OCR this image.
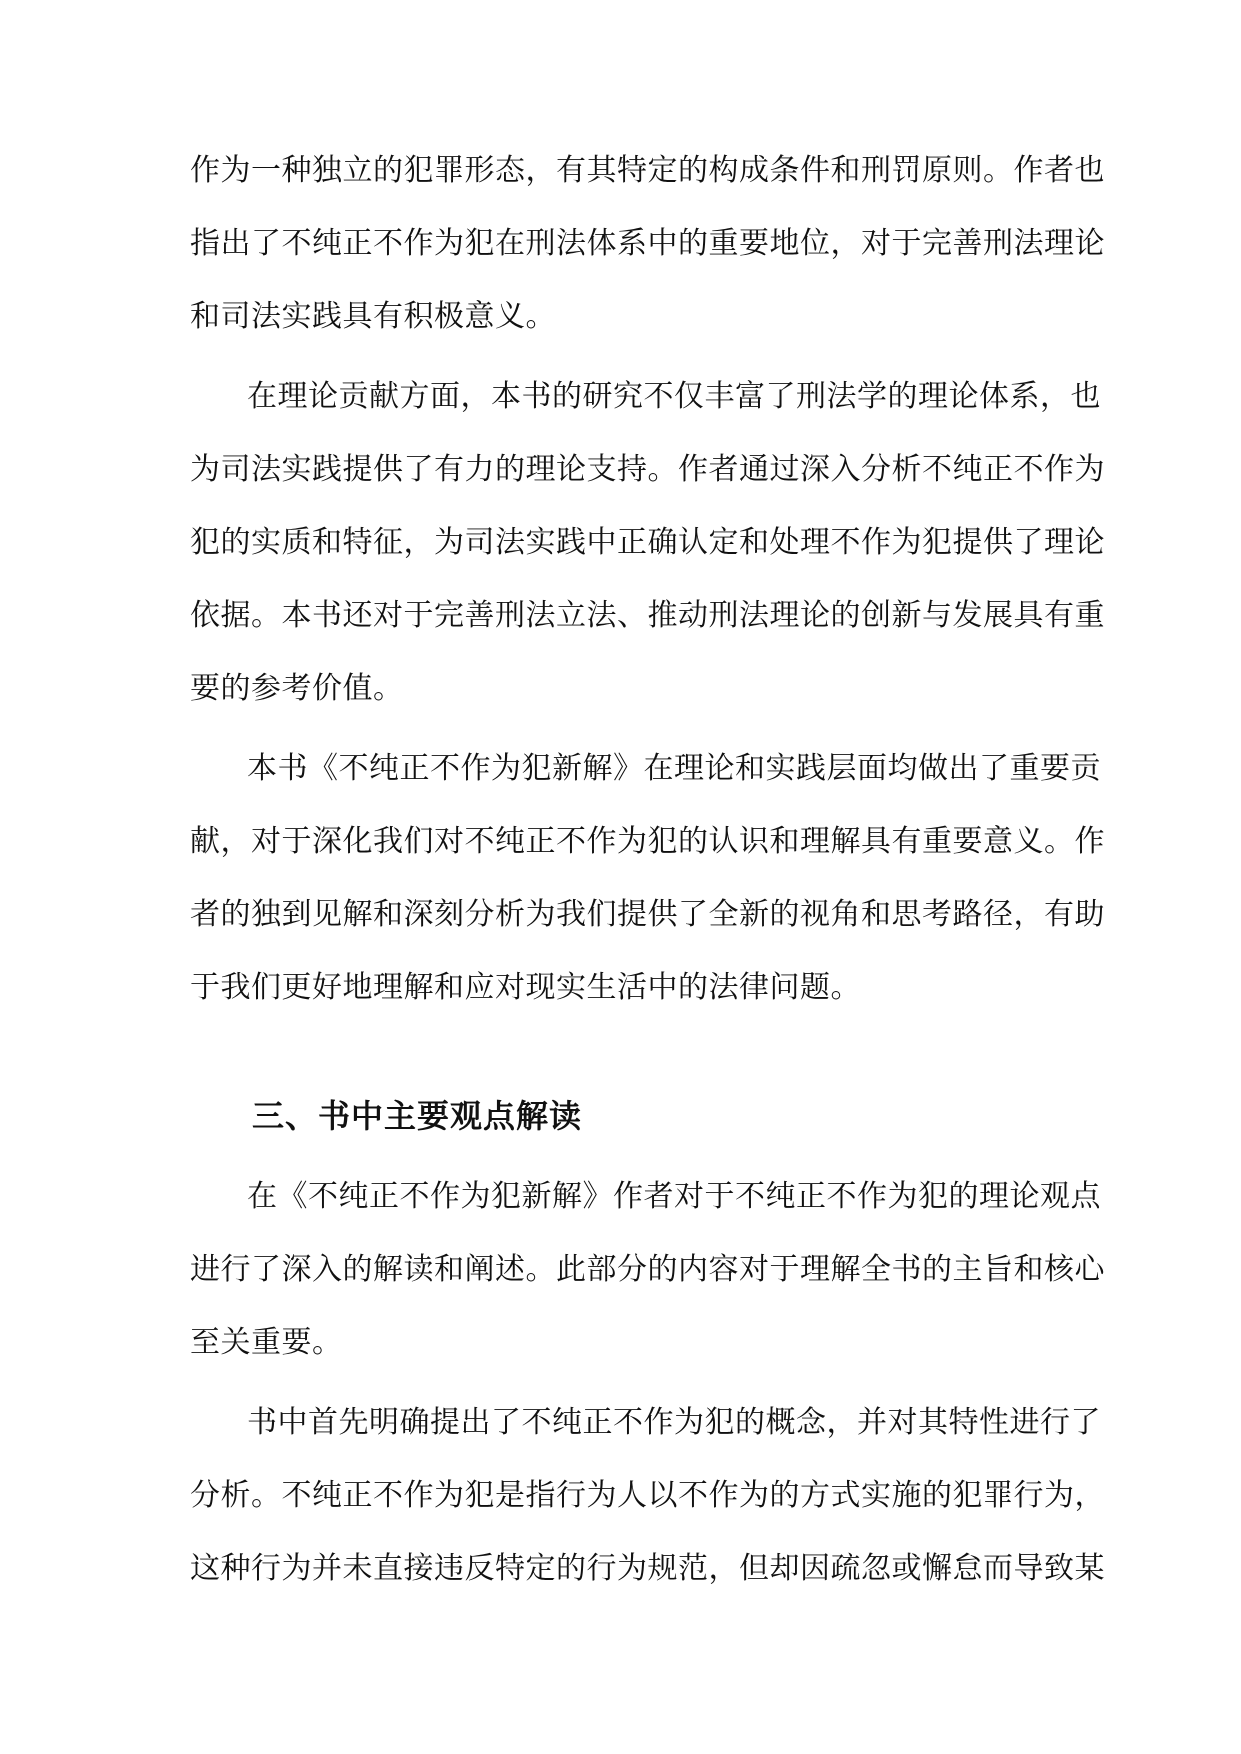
作为一种独立的犯罪形态，有其特定的构成条件和刑罚原则。作者也
指出了不纯正不作为犯在刑法体系中的重要地位，对于完善刑法理论
和司法实践具有积极意义。
在理论贡献方面，本书的研究不仅丰富了刑法学的理论体系，也
为司法实践提供了有力的理论支持。作者通过深入分析不纯正不作为
犯的实质和特征，为司法实践中正确认定和处理不作为犯提供了理论
依据。本书还对于完善刑法立法、推动刑法理论的创新与发展具有重
要的参考价值。
本书《不纯正不作为犯新解》在理论和实践层面均做出了重要贡
献，对于深化我们对不纯正不作为犯的认识和理解具有重要意义。作
者的独到见解和深刻分析为我们提供了全新的视角和思考路径，有助
于我们更好地理解和应对现实生活中的法律问题。
三、书中主要观点解读
在《不纯正不作为犯新解》作者对于不纯正不作为犯的理论观点
进行了深入的解读和阐述。此部分的内容对于理解全书的主旨和核心
至关重要。
书中首先明确提出了不纯正不作为犯的概念，并对其特性进行了
分析。不纯正不作为犯是指行为人以不作为的方式实施的犯罪行为，
这种行为并未直接违反特定的行为规范，但却因疏忽或懈怠而导致某
